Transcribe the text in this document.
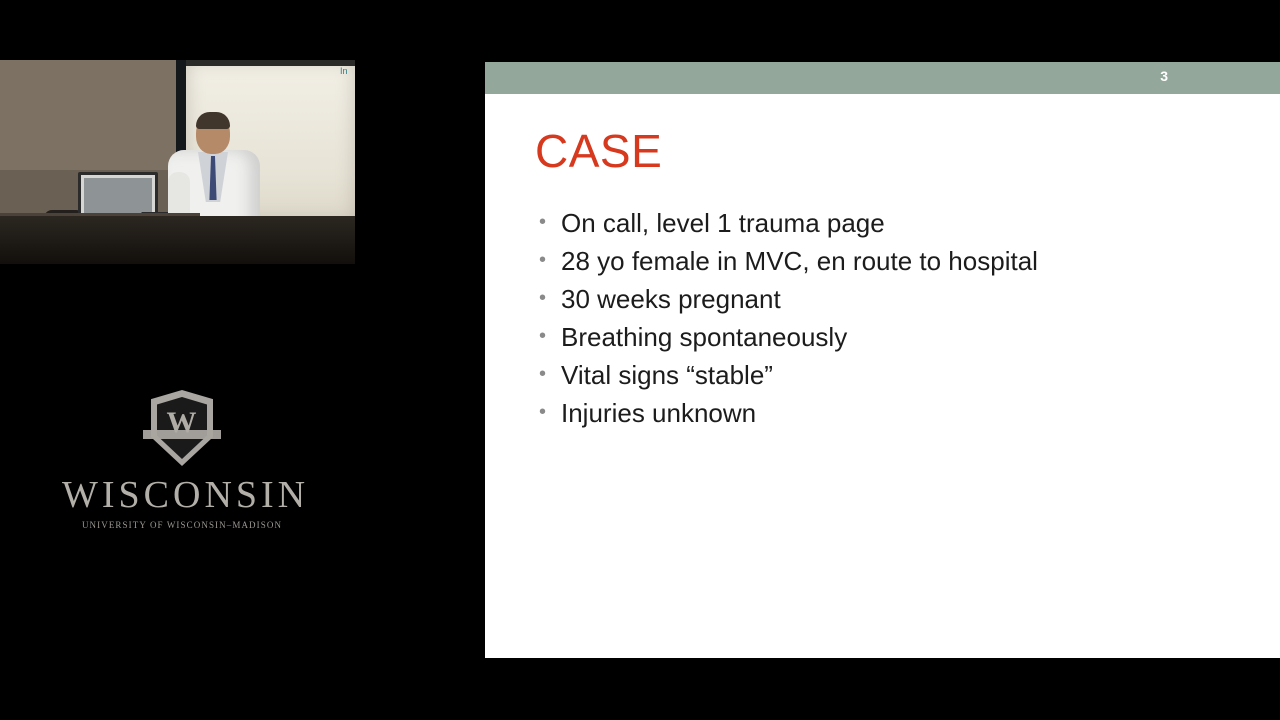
In
W
WISCONSIN
UNIVERSITY OF WISCONSIN–MADISON
3
CASE
• On call, level 1 trauma page
• 28 yo female in MVC, en route to hospital
• 30 weeks pregnant
• Breathing spontaneously
• Vital signs “stable”
• Injuries unknown
